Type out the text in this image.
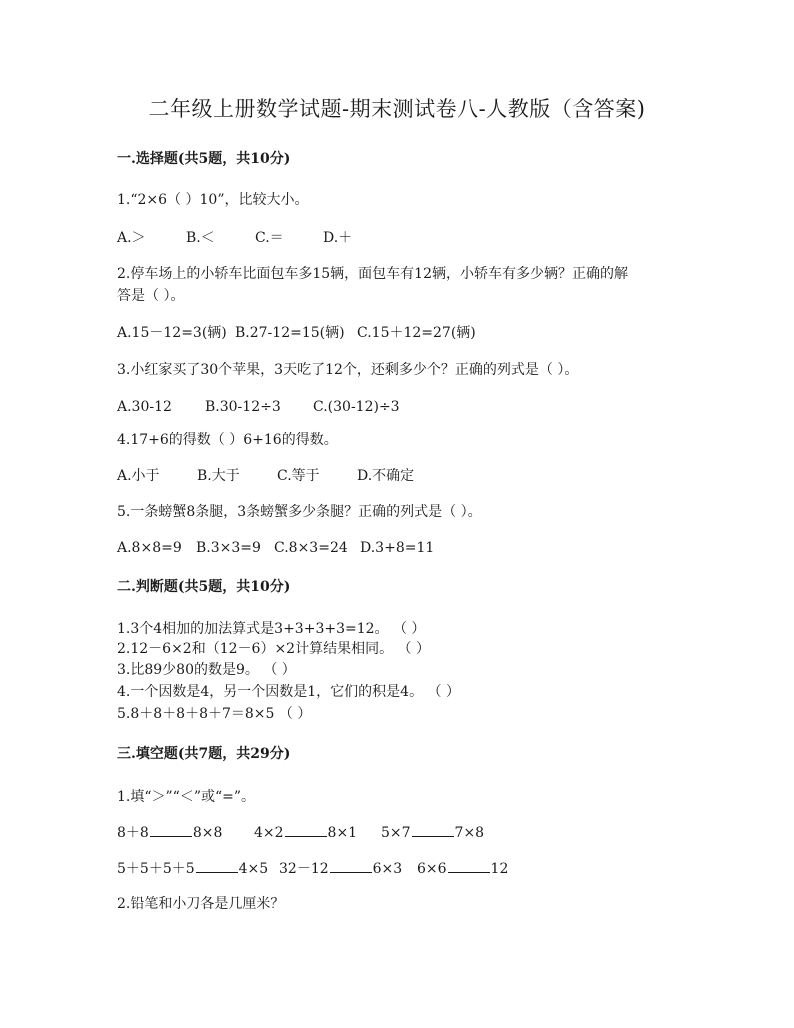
二年级上册数学试题-期末测试卷八-人教版（含答案)
一.选择题(共5题，共10分)
1.“2×6（ ）10”，比较大小。
A.＞	B.＜	C.＝	D.＋
2.停车场上的小轿车比面包车多15辆，面包车有12辆，小轿车有多少辆？正确的解
答是（ ）。
A.15－12=3(辆) B.27-12=15(辆) C.15＋12=27(辆)
3.小红家买了30个苹果，3天吃了12个，还剩多少个？正确的列式是（ ）。
A.30-12 B.30-12÷3 C.(30-12)÷3
4.17+6的得数（ ）6+16的得数。
A.小于	B.大于	C.等于	D.不确定
5.一条螃蟹8条腿，3条螃蟹多少条腿？正确的列式是（ ）。
A.8×8=9 B.3×3=9 C.8×3=24 D.3+8=11
二.判断题(共5题，共10分)
1.3个4相加的加法算式是3+3+3+3=12。 （ ）
2.12－6×2和（12－6）×2计算结果相同。 （ ）
3.比89少80的数是9。 （ ）
4.一个因数是4，另一个因数是1，它们的积是4。 （ ）
5.8＋8＋8＋8＋7＝8×5 （ ）
三.填空题(共7题，共29分)
1.填“＞”“＜”或“=”。
8＋8	8×8 4×2	8×1 5×7	7×8
5＋5＋5＋5	4×5 32－12	6×3 6×6	12
2.铅笔和小刀各是几厘米？
